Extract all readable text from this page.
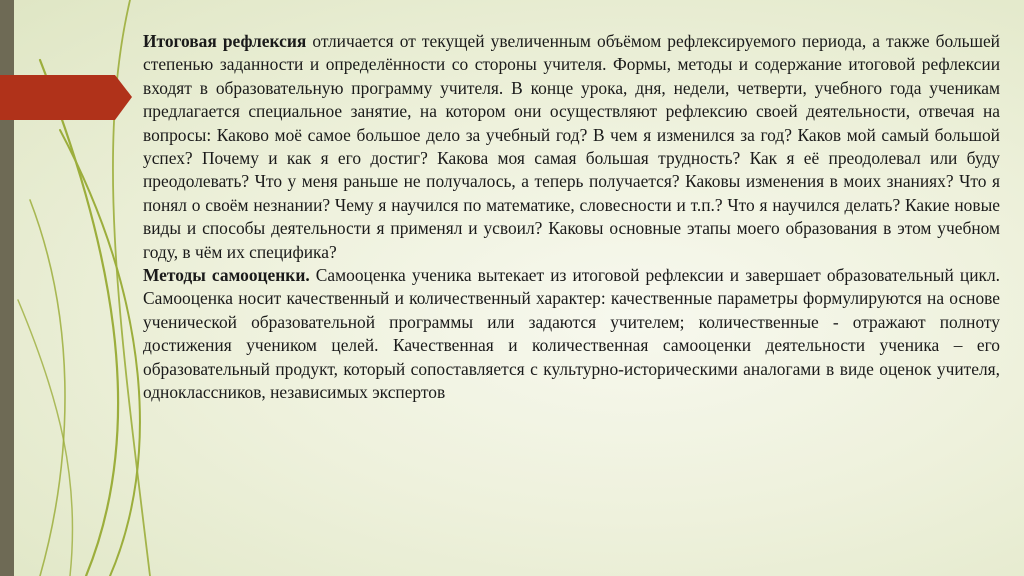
Итоговая рефлексия отличается от текущей увеличенным объёмом рефлексируемого периода, а также большей степенью заданности и определённости со стороны учителя. Формы, методы и содержание итоговой рефлексии входят в образовательную программу учителя. В конце урока, дня, недели, четверти, учебного года ученикам предлагается специальное занятие, на котором они осуществляют рефлексию своей деятельности, отвечая на вопросы: Каково моё самое большое дело за учебный год? В чем я изменился за год? Каков мой самый большой успех? Почему и как я его достиг? Какова моя самая большая трудность? Как я её преодолевал или буду преодолевать? Что у меня раньше не получалось, а теперь получается? Каковы изменения в моих знаниях? Что я понял о своём незнании? Чему я научился по математике, словесности и т.п.? Что я научился делать? Какие новые виды и способы деятельности я применял и усвоил? Каковы основные этапы моего образования в этом учебном году, в чём их специфика?

Методы самооценки. Самооценка ученика вытекает из итоговой рефлексии и завершает образовательный цикл. Самооценка носит качественный и количественный характер: качественные параметры формулируются на основе ученической образовательной программы или задаются учителем; количественные - отражают полноту достижения учеником целей. Качественная и количественная самооценки деятельности ученика – его образовательный продукт, который сопоставляется с культурно-историческими аналогами в виде оценок учителя, одноклассников, независимых экспертов
